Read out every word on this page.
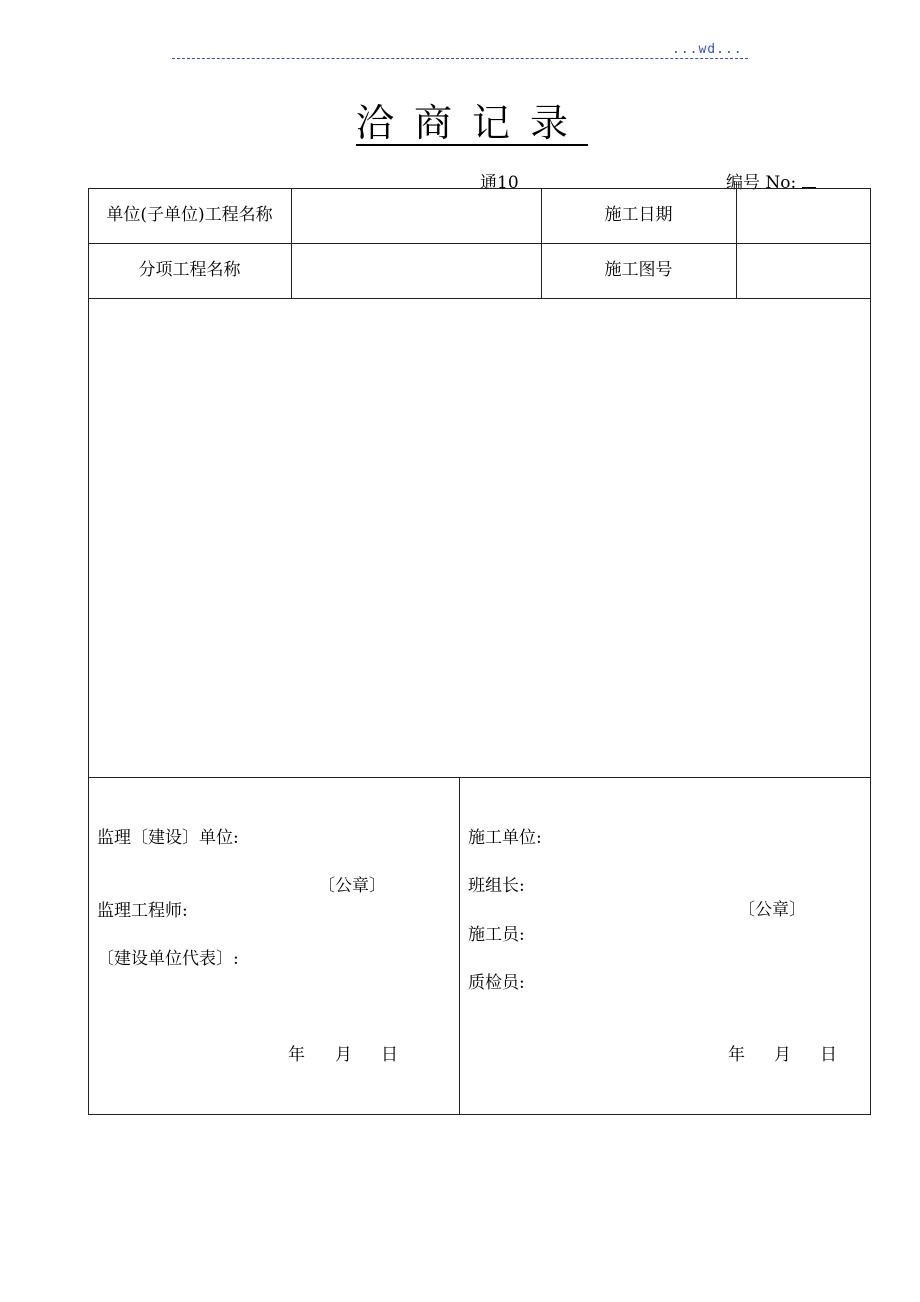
...wd...
洽商记录
通10	编号 No:
单位(子单位)工程名称	施工日期
分项工程名称	施工图号
监理〔建设〕单位:
〔公章〕
监理工程师:
〔建设单位代表〕:
年 月 日
施工单位:
班组长:
〔公章〕
施工员:
质检员:
年 月 日
